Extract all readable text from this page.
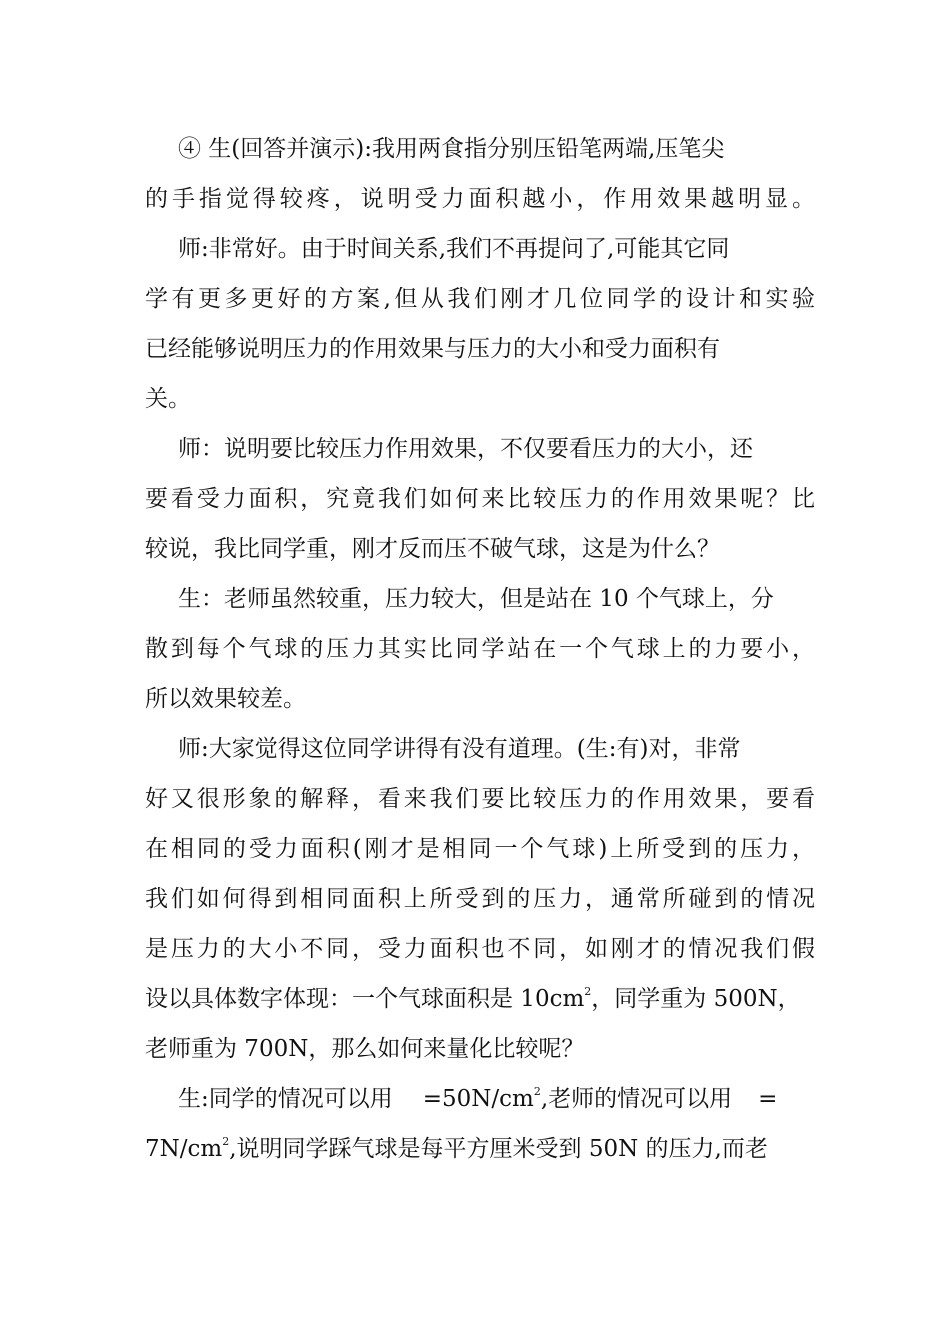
④ 生(回答并演示):我用两食指分别压铅笔两端,压笔尖
的手指觉得较疼，说明受力面积越小，作用效果越明显。
师:非常好。由于时间关系,我们不再提问了,可能其它同
学有更多更好的方案,但从我们刚才几位同学的设计和实验
已经能够说明压力的作用效果与压力的大小和受力面积有
关。
师：说明要比较压力作用效果，不仅要看压力的大小，还
要看受力面积，究竟我们如何来比较压力的作用效果呢？比
较说，我比同学重，刚才反而压不破气球，这是为什么？
生：老师虽然较重，压力较大，但是站在 10 个气球上，分
散到每个气球的压力其实比同学站在一个气球上的力要小，
所以效果较差。
师:大家觉得这位同学讲得有没有道理。(生:有)对，非常
好又很形象的解释，看来我们要比较压力的作用效果，要看
在相同的受力面积(刚才是相同一个气球)上所受到的压力，
我们如何得到相同面积上所受到的压力，通常所碰到的情况
是压力的大小不同，受力面积也不同，如刚才的情况我们假
设以具体数字体现：一个气球面积是 $10cm^2$，同学重为 500N，
老师重为 700N，那么如何来量化比较呢？
生:同学的情况可以用 $=50N/cm^2$,老师的情况可以用 =
$7N/cm^2$,说明同学踩气球是每平方厘米受到 50N 的压力,而老
